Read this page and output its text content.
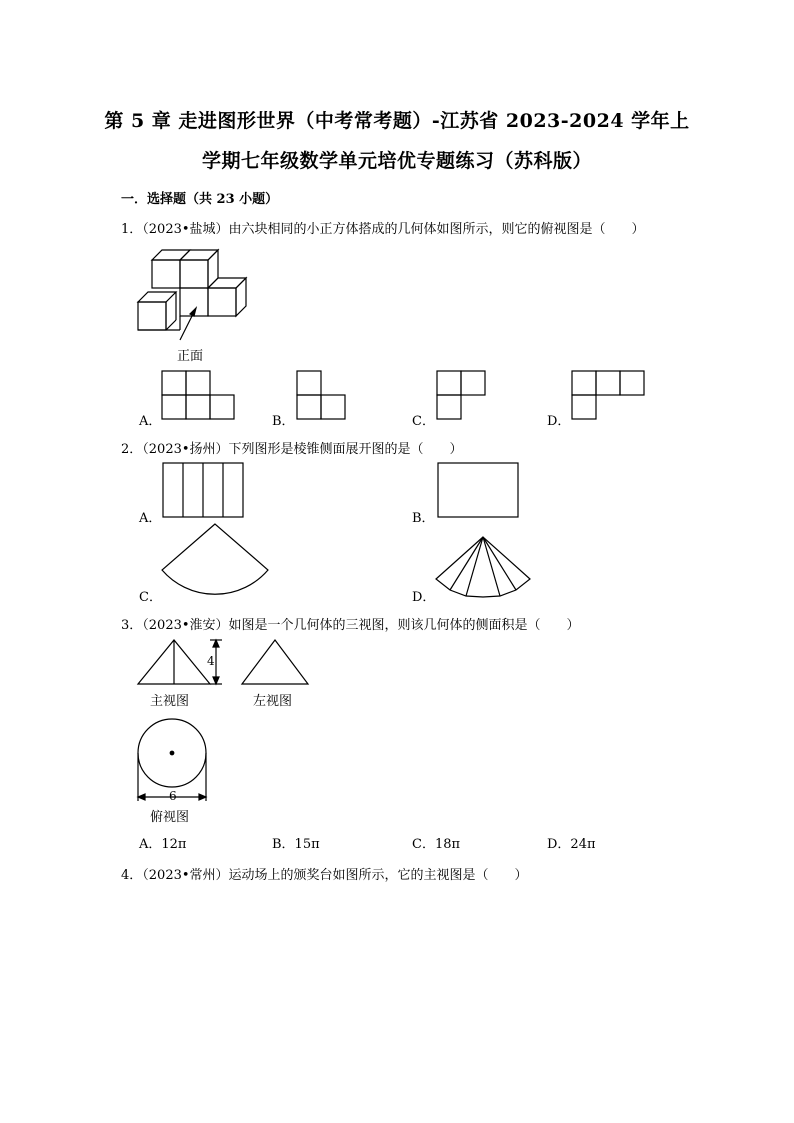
第 5 章 走进图形世界（中考常考题）-江苏省 2023-2024 学年上
学期七年级数学单元培优专题练习（苏科版）
一．选择题（共 23 小题）
1．（2023•盐城）由六块相同的小正方体搭成的几何体如图所示，则它的俯视图是（　　）
正面
A．	B．	C．	D．
2．（2023•扬州）下列图形是棱锥侧面展开图的是（　　）
A．	B．
C．	D．
3．（2023•淮安）如图是一个几何体的三视图，则该几何体的侧面积是（　　）
4
主视图	左视图
6
俯视图
A．12π	B．15π	C．18π	D．24π
4．（2023•常州）运动场上的颁奖台如图所示，它的主视图是（　　）
